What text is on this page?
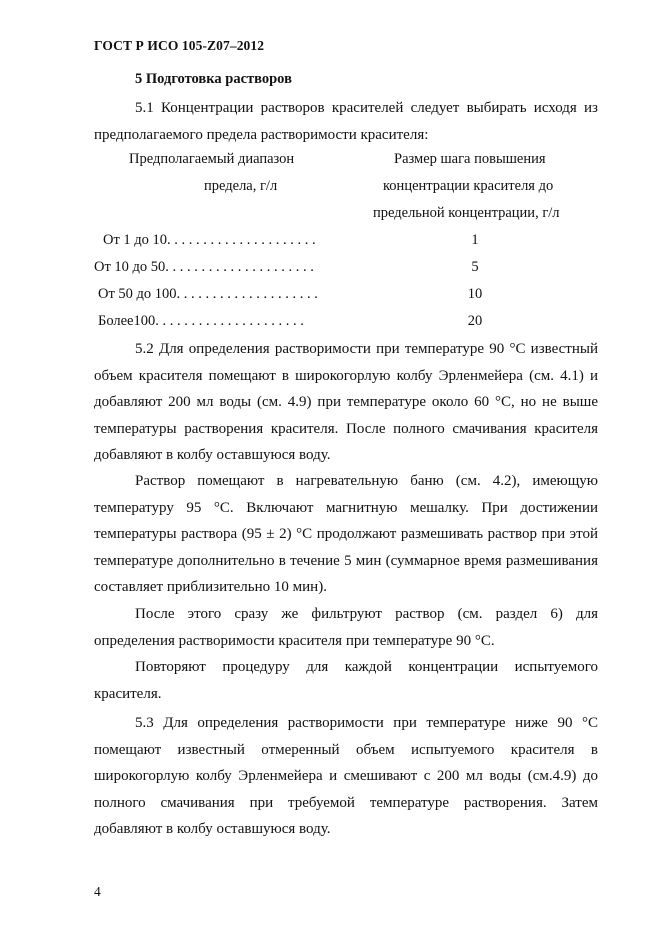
ГОСТ Р ИСО 105-Z07–2012
5 Подготовка растворов
5.1 Концентрации растворов красителей следует выбирать исходя из предполагаемого предела растворимости красителя:
Предполагаемый диапазон
предела, г/л
Размер шага повышения
концентрации красителя до
предельной концентрации, г/л
От 1 до 10. . . . . . . . . . . . . . . . . . . . .	1
От 10 до 50. . . . . . . . . . . . . . . . . . . . .	5
От 50 до 100. . . . . . . . . . . . . . . . . . . .	10
Более100. . . . . . . . . . . . . . . . . . . . .	20
5.2 Для определения растворимости при температуре 90 °С известный объем красителя помещают в широкогорлую колбу Эрленмейера (см. 4.1) и добавляют 200 мл воды (см. 4.9) при температуре около 60 °С, но не выше температуры растворения красителя. После полного смачивания красителя добавляют в колбу оставшуюся воду.
Раствор помещают в нагревательную баню (см. 4.2), имеющую температуру 95 °С. Включают магнитную мешалку. При достижении температуры раствора (95 ± 2) °С продолжают размешивать раствор при этой температуре дополнительно в течение 5 мин (суммарное время размешивания составляет приблизительно 10 мин).
После этого сразу же фильтруют раствор (см. раздел 6) для определения растворимости красителя при температуре 90 °С.
Повторяют процедуру для каждой концентрации испытуемого красителя.
5.3 Для определения растворимости при температуре ниже 90 °С помещают известный отмеренный объем испытуемого красителя в широкогорлую колбу Эрленмейера и смешивают с 200 мл воды (см.4.9) до полного смачивания при требуемой температуре растворения. Затем добавляют в колбу оставшуюся воду.
4
